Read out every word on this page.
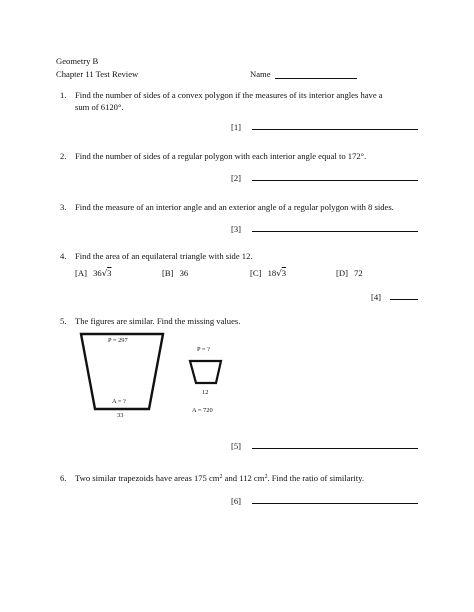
Geometry B
Chapter 11 Test Review	Name
1. Find the number of sides of a convex polygon if the measures of its interior angles have a
sum of 6120°.
[1]
2. Find the number of sides of a regular polygon with each interior angle equal to 172°.
[2]
3. Find the measure of an interior angle and an exterior angle of a regular polygon with 8 sides.
[3]
4. Find the area of an equilateral triangle with side 12.
[A] 36√3	[B] 36	[C] 18√3	[D] 72
[4]
5. The figures are similar. Find the missing values.
P = 297
A = ?
33
P = ?
12
A = 720
[5]
6. Two similar trapezoids have areas 175 $cm^2$ and 112 $cm^2$. Find the ratio of similarity.
[6]
